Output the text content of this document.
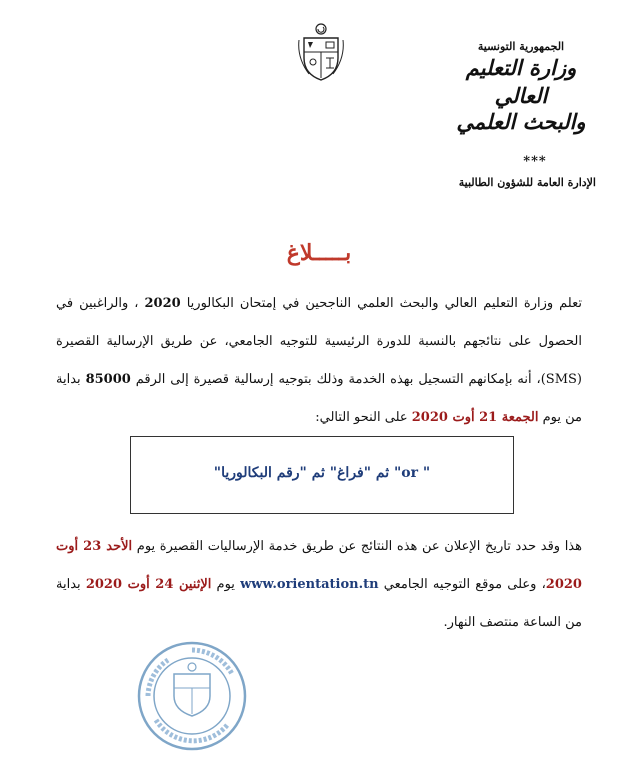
الجمهورية التونسية
وزارة التعليم العالي
والبحث العلمي
***
الإدارة العامة للشؤون الطالبية
بـــــلاغ
تعلم وزارة التعليم العالي والبحث العلمي الناجحين في إمتحان البكالوريا 2020 ، والراغبين في الحصول على نتائجهم بالنسبة للدورة الرئيسية للتوجيه الجامعي، عن طريق الإرسالية القصيرة (SMS)، أنه بإمكانهم التسجيل بهذه الخدمة وذلك بتوجيه إرسالية قصيرة إلى الرقم 85000 بداية من يوم الجمعة 21 أوت 2020 على النحو التالي:
" or" ثم "فراغ" ثم "رقم البكالوريا"
هذا وقد حدد تاريخ الإعلان عن هذه النتائج عن طريق خدمة الإرساليات القصيرة يوم الأحد 23 أوت 2020، وعلى موقع التوجيه الجامعي www.orientation.tn يوم الإثنين 24 أوت 2020 بداية من الساعة منتصف النهار.
